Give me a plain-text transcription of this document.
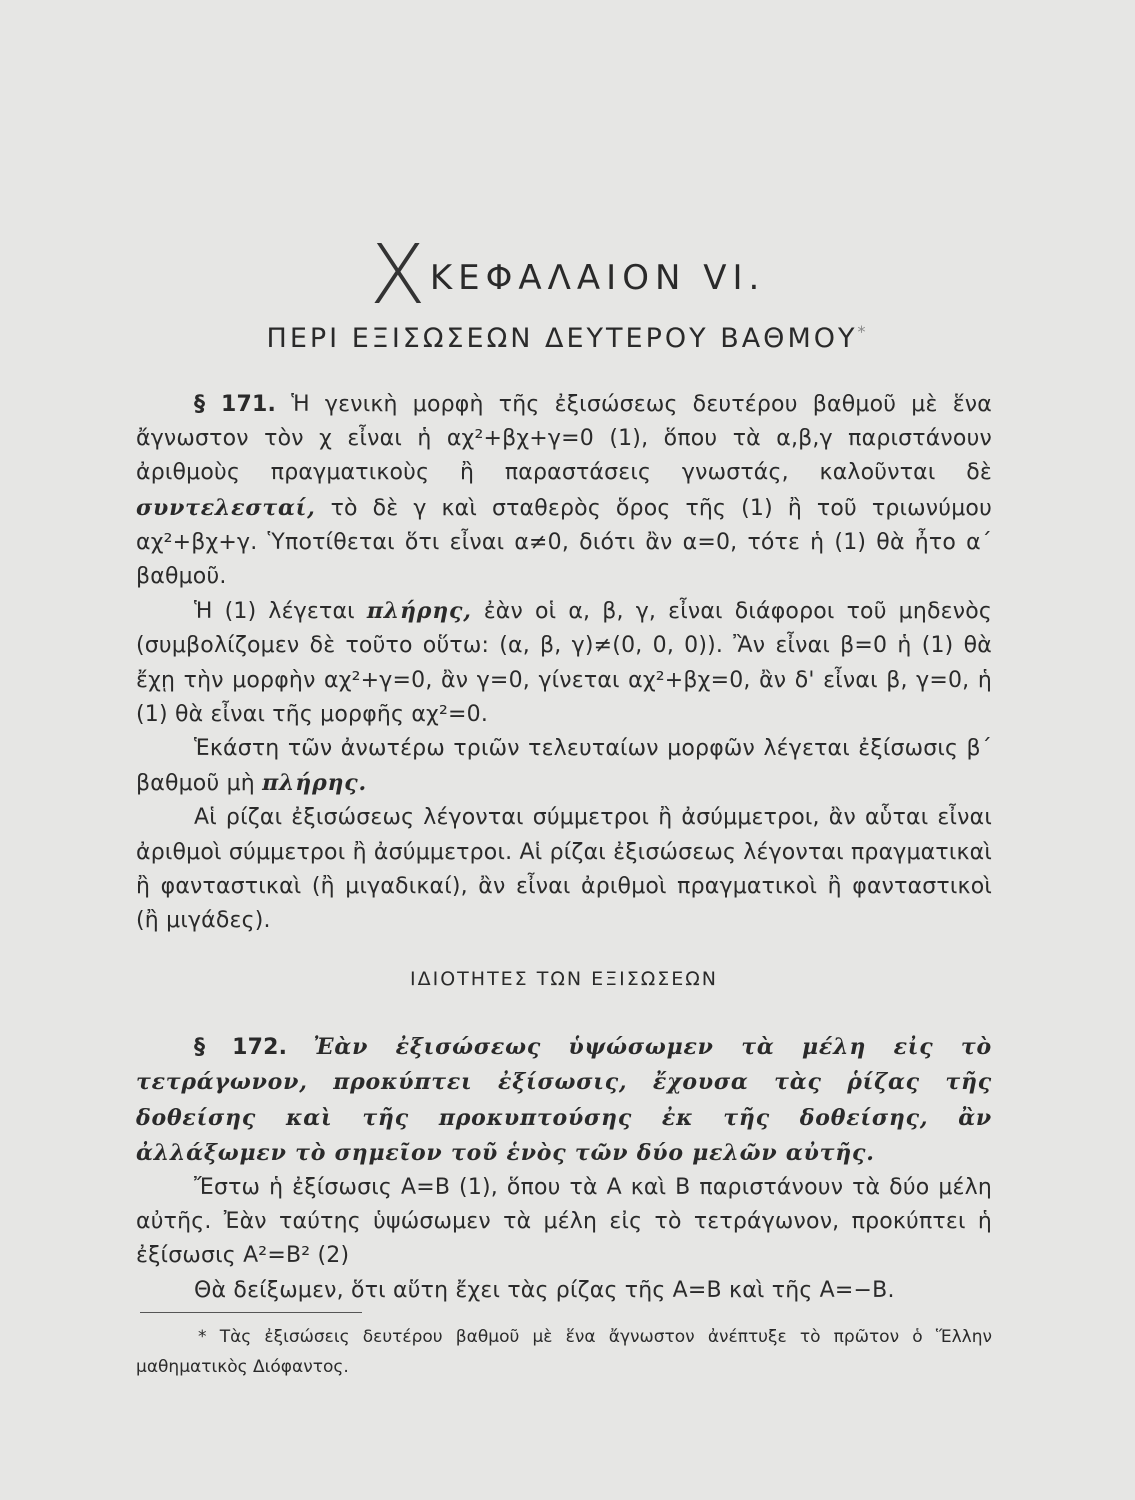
XΚΕΦΑΛΑΙΟΝ VI.
ΠΕΡΙ ΕΞΙΣΩΣΕΩΝ ΔΕΥΤΕΡΟΥ ΒΑΘΜΟΥ*

§ 171. Ἡ γενικὴ μορφὴ τῆς ἐξισώσεως δευτέρου βαθμοῦ μὲ ἕνα ἄγνωστον τὸν χ εἶναι ἡ αχ²+βχ+γ=0 (1), ὅπου τὰ α,β,γ παριστάνουν ἀριθμοὺς πραγματικοὺς ἢ παραστάσεις γνωστάς, καλοῦνται δὲ συντελεσταί, τὸ δὲ γ καὶ σταθερὸς ὅρος τῆς (1) ἢ τοῦ τριωνύμου αχ²+βχ+γ. Ὑποτίθεται ὅτι εἶναι α≠0, διότι ἂν α=0, τότε ἡ (1) θὰ ἦτο α΄ βαθμοῦ.

Ἡ (1) λέγεται πλήρης, ἐὰν οἱ α, β, γ, εἶναι διάφοροι τοῦ μηδενὸς (συμβολίζομεν δὲ τοῦτο οὕτω: (α, β, γ)≠(0, 0, 0)). Ἂν εἶναι β=0 ἡ (1) θὰ ἔχῃ τὴν μορφὴν αχ²+γ=0, ἂν γ=0, γίνεται αχ²+βχ=0, ἂν δ' εἶναι β, γ=0, ἡ (1) θὰ εἶναι τῆς μορφῆς αχ²=0.

Ἑκάστη τῶν ἀνωτέρω τριῶν τελευταίων μορφῶν λέγεται ἐξίσωσις β΄ βαθμοῦ μὴ πλήρης.

Αἱ ρίζαι ἐξισώσεως λέγονται σύμμετροι ἢ ἀσύμμετροι, ἂν αὗται εἶναι ἀριθμοὶ σύμμετροι ἢ ἀσύμμετροι. Αἱ ρίζαι ἐξισώσεως λέγονται πραγματικαὶ ἢ φανταστικαὶ (ἢ μιγαδικαί), ἂν εἶναι ἀριθμοὶ πραγματικοὶ ἢ φανταστικοὶ (ἢ μιγάδες).

ΙΔΙΟΤΗΤΕΣ ΤΩΝ ΕΞΙΣΩΣΕΩΝ

§ 172. Ἐὰν ἐξισώσεως ὑψώσωμεν τὰ μέλη εἰς τὸ τετράγωνον, προκύπτει ἐξίσωσις, ἔχουσα τὰς ῥίζας τῆς δοθείσης καὶ τῆς προκυπτούσης ἐκ τῆς δοθείσης, ἂν ἀλλάξωμεν τὸ σημεῖον τοῦ ἑνὸς τῶν δύο μελῶν αὐτῆς.

Ἔστω ἡ ἐξίσωσις Α=Β (1), ὅπου τὰ Α καὶ Β παριστάνουν τὰ δύο μέλη αὐτῆς. Ἐὰν ταύτης ὑψώσωμεν τὰ μέλη εἰς τὸ τετράγωνον, προκύπτει ἡ ἐξίσωσις Α²=Β² (2)

Θὰ δείξωμεν, ὅτι αὕτη ἔχει τὰς ρίζας τῆς Α=Β καὶ τῆς Α=−Β.

* Τὰς ἐξισώσεις δευτέρου βαθμοῦ μὲ ἕνα ἄγνωστον ἀνέπτυξε τὸ πρῶτον ὁ Ἕλλην μαθηματικὸς Διόφαντος.
